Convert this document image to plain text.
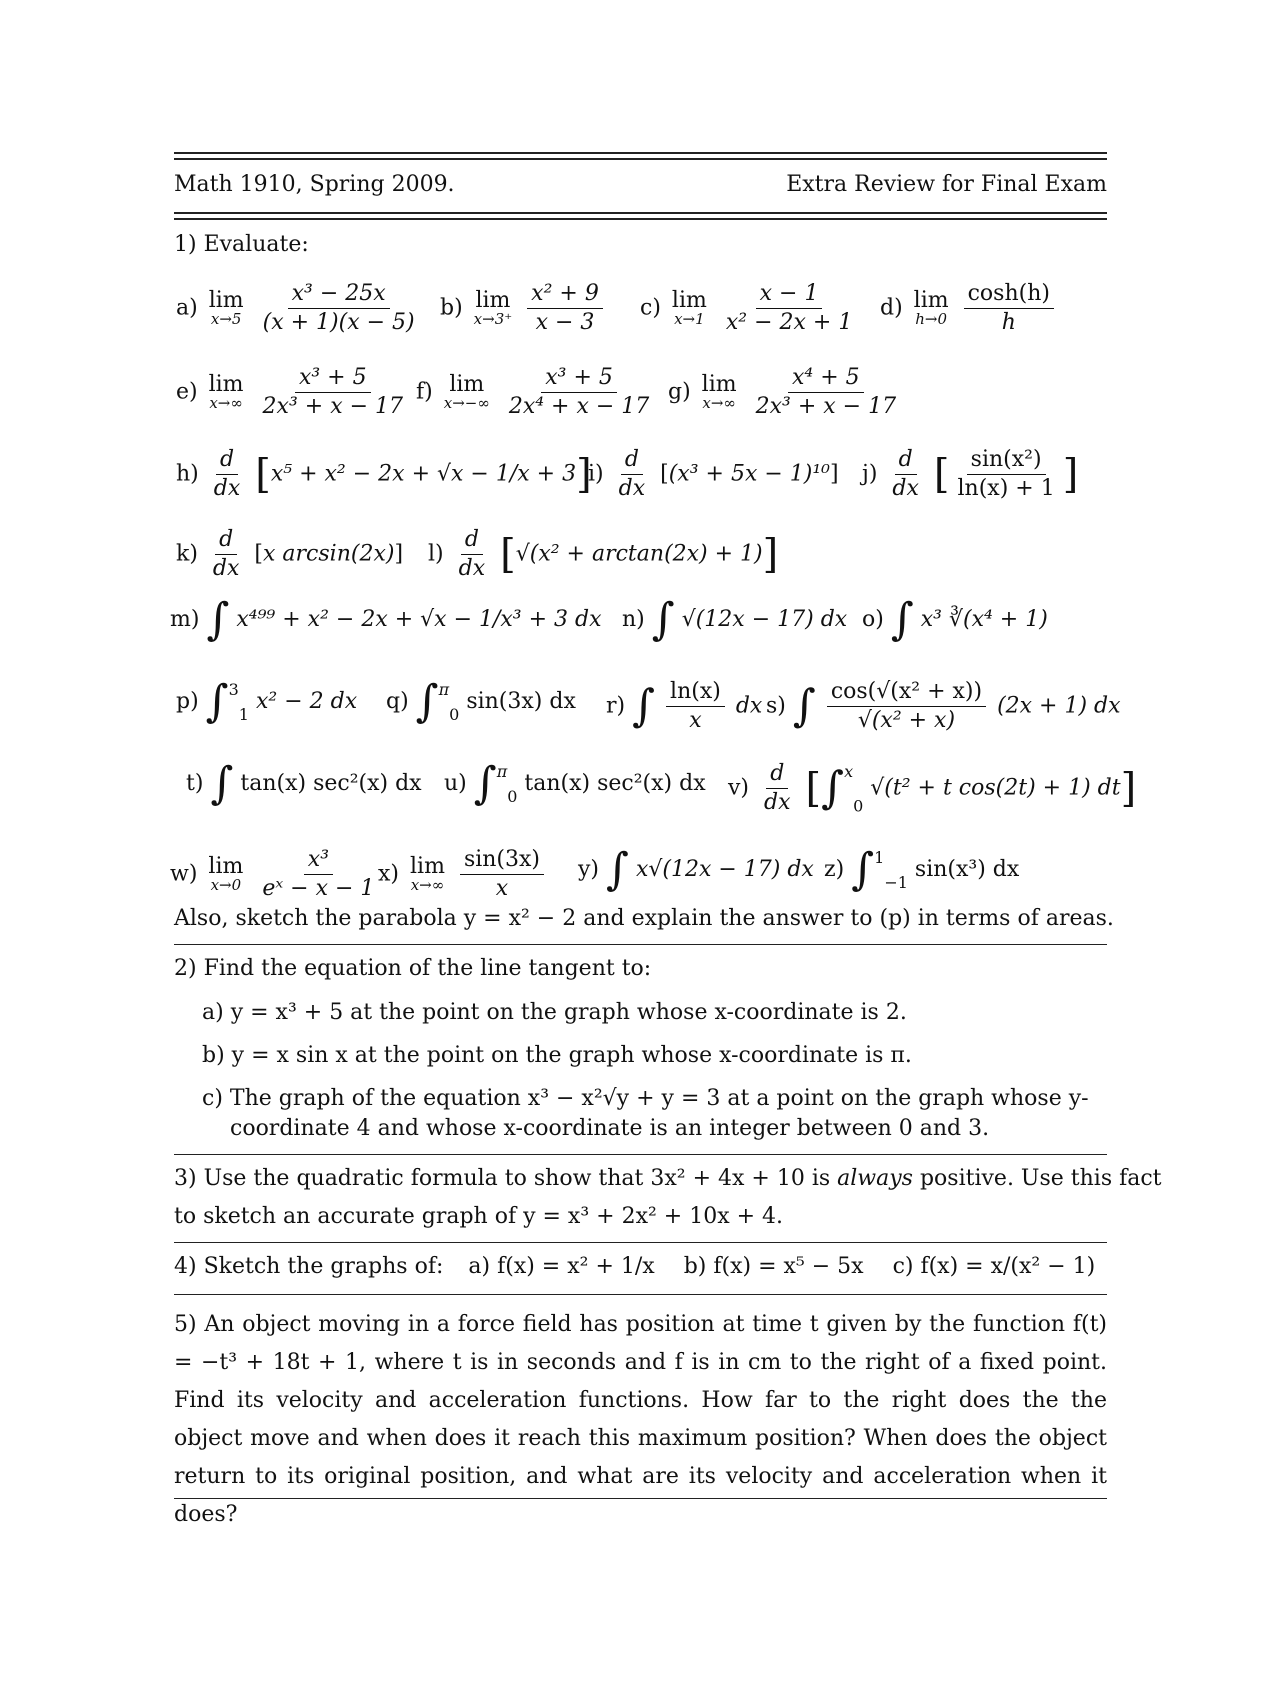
Math 1910, Spring 2009.	Extra Review for Final Exam
1) Evaluate:
a) lim
x→5
$\frac{\text{x³ − 25x}}{(x + 1)(x - 5)} b$) lim
x→3⁺
$\frac{\text{x² + 9}}{x - 3} c$) lim
x→1
$\frac{x - 1}{\text{x² − 2x + 1}} d$) lim
h→0
$\frac{\cosh(h)}{h}$
e) lim
x→∞
$\frac{\text{x³ + 5}}{\text{2x³ + x − 17}} f$) lim
x→−∞
$\frac{\text{x³ + 5}}{\text{2x⁴ + x − 17}} g$) lim
x→∞
$\frac{\text{x⁴ + 5}}{\text{2x³ + x − 17}}$
$h) \frac{d}{dx} [x^5 + x^2 - 2x + √x - 1/x + 3]$
$i) \frac{d}{dx} [(x^3 + 5x - 1)^{10}]$ $j) \frac{d}{dx}$ [ $\frac{\text{sin(x²)}}{\ln(x) + 1}$ ]
$k) \frac{d}{dx} [x$ arcsin(2x)] $l) \frac{d}{dx} [√(x^2 + \arctan(2x) + 1)]$
m) ∫ x⁴⁹⁹ + x² − 2x + √x − 1/x³ + 3 dx n) ∫ √(12x − 17) dx o) ∫ x³ ∛(x⁴ + 1)
p) ∫$^3$1 x² − 2 dx q) ∫$^\pi$0 sin(3x) dx r) ∫ $\frac{\ln(x)}{x}$ dx s) ∫ $\frac{\text{cos(√(x² + x))}}{\text{√(x² + x)}} (2x + 1)$ dx
t) ∫ tan(x) sec²(x) dx u) ∫$^\pi$0 tan(x) sec²(x) dx $v) \frac{d}{dx} [\int^x0$ √(t² + t cos(2t) + 1) dt]
w) lim
x→0
$\frac{\text{x³}}{\text{eˣ − x − 1}} x$) lim
x→∞
$\frac{\sin(3x)}{x} y$) ∫ x√(12x − 17) dx z) ∫$^1$−1 sin(x³) dx
Also, sketch the parabola y = x² − 2 and explain the answer to (p) in terms of areas.
2) Find the equation of the line tangent to:
a) y = x³ + 5 at the point on the graph whose x-coordinate is 2.
b) y = x sin x at the point on the graph whose x-coordinate is π.
c) The graph of the equation x³ − x²√y + y = 3 at a point on the graph whose y-
coordinate 4 and whose x-coordinate is an integer between 0 and 3.
3) Use the quadratic formula to show that 3x² + 4x + 10 is always positive. Use this fact
to sketch an accurate graph of y = x³ + 2x² + 10x + 4.
4) Sketch the graphs of: a) f(x) = x² + 1/x b) f(x) = x⁵ − 5x c) f(x) = x/(x² − 1)
5) An object moving in a force field has position at time t given by the function f(t) = −t³ + 18t + 1, where t is in seconds and f is in cm to the right of a fixed point. Find its velocity and acceleration functions. How far to the right does the the object move and when does it reach this maximum position? When does the object return to its original position, and what are its velocity and acceleration when it does?
